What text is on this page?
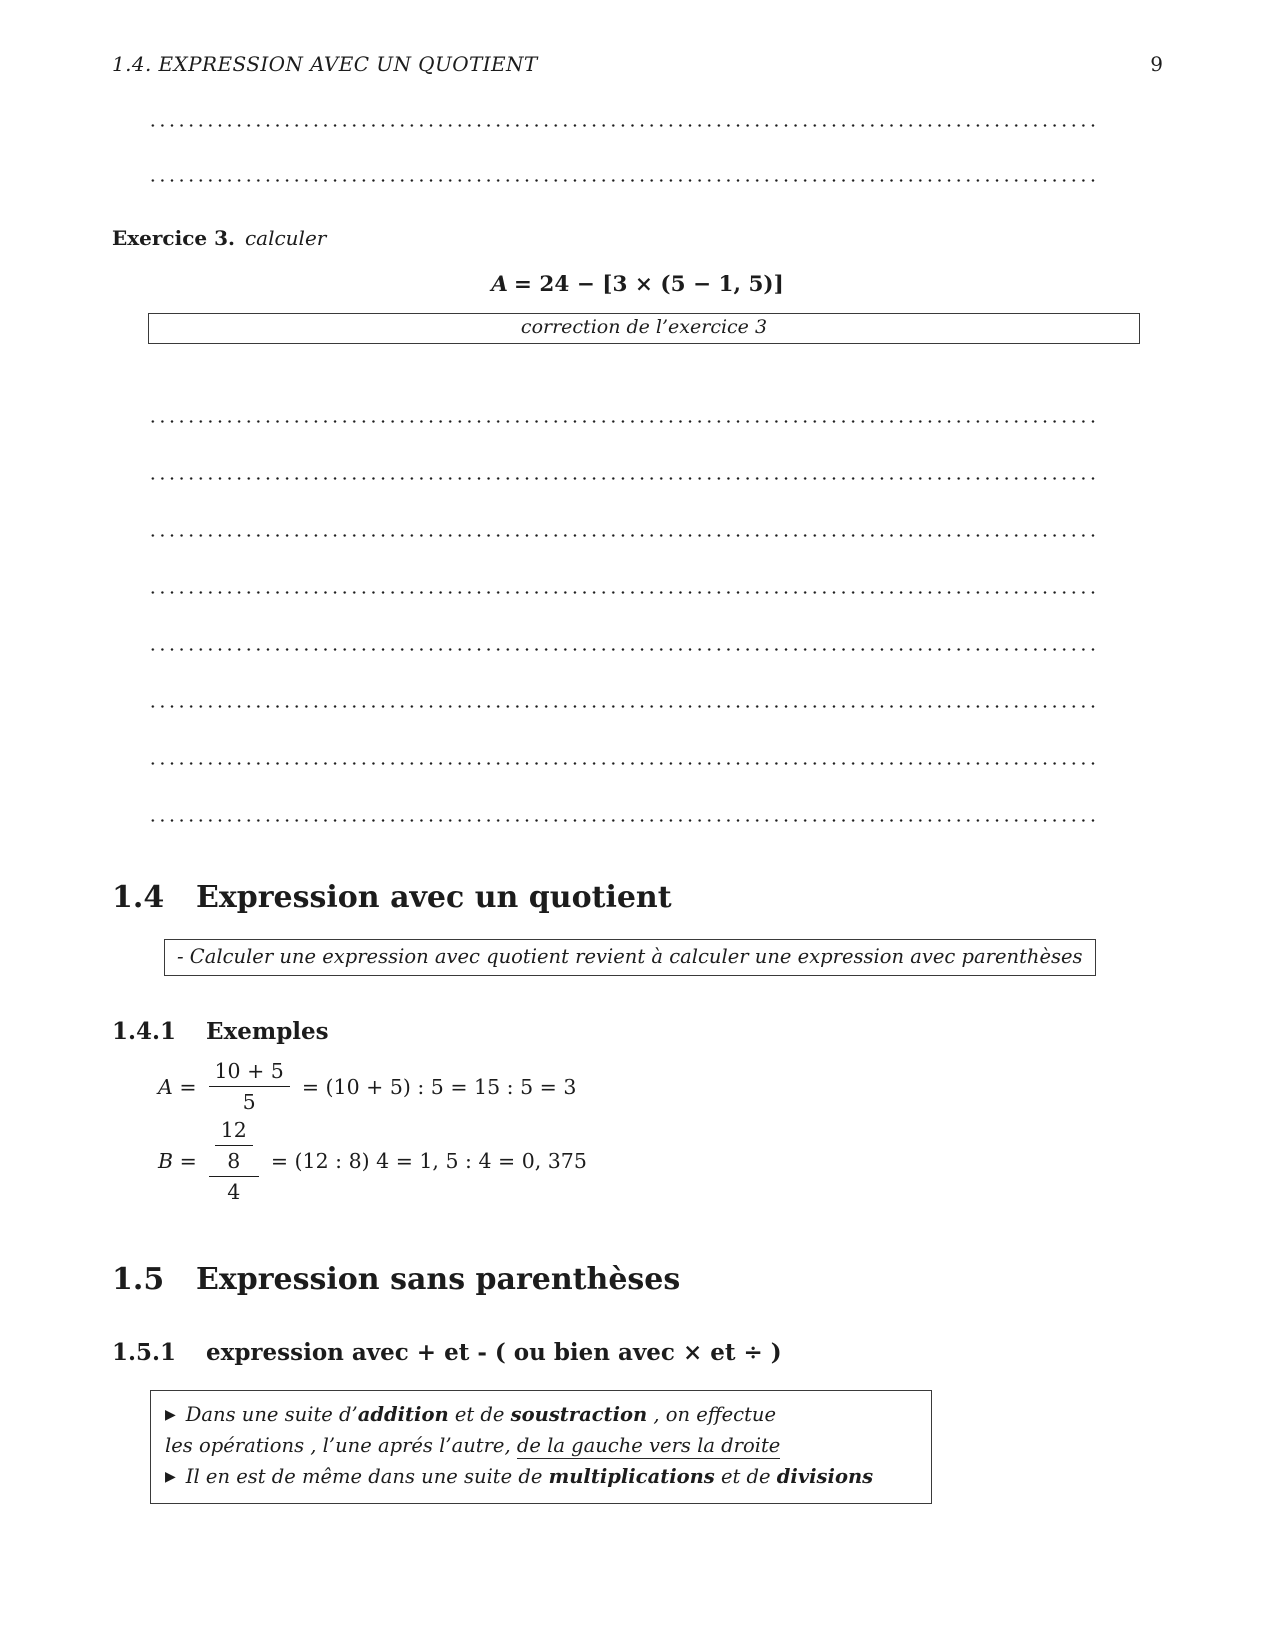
1.4. EXPRESSION AVEC UN QUOTIENT	9

Exercice 3. calculer

A = 24 − [3 × (5 − 1, 5)]
correction de l’exercice 3
1.4	Expression avec un quotient
- Calculer une expression avec quotient revient à calculer une expression avec parenthèses
1.4.1	Exemples
$A = \frac{10 + 5}{5} = (10 + 5)$ : 5 = 15 : 5 = 3
$B = \frac{\frac{12}{8}}{4} = (12$ : 8) 4 = 1, 5 : 4 = 0, 375
1.5	Expression sans parenthèses
1.5.1	expression avec + et - ( ou bien avec × et ÷ )
▶ Dans une suite d’addition et de soustraction , on effectue
les opérations , l’une aprés l’autre, de la gauche vers la droite
▶ Il en est de même dans une suite de multiplications et de divisions
